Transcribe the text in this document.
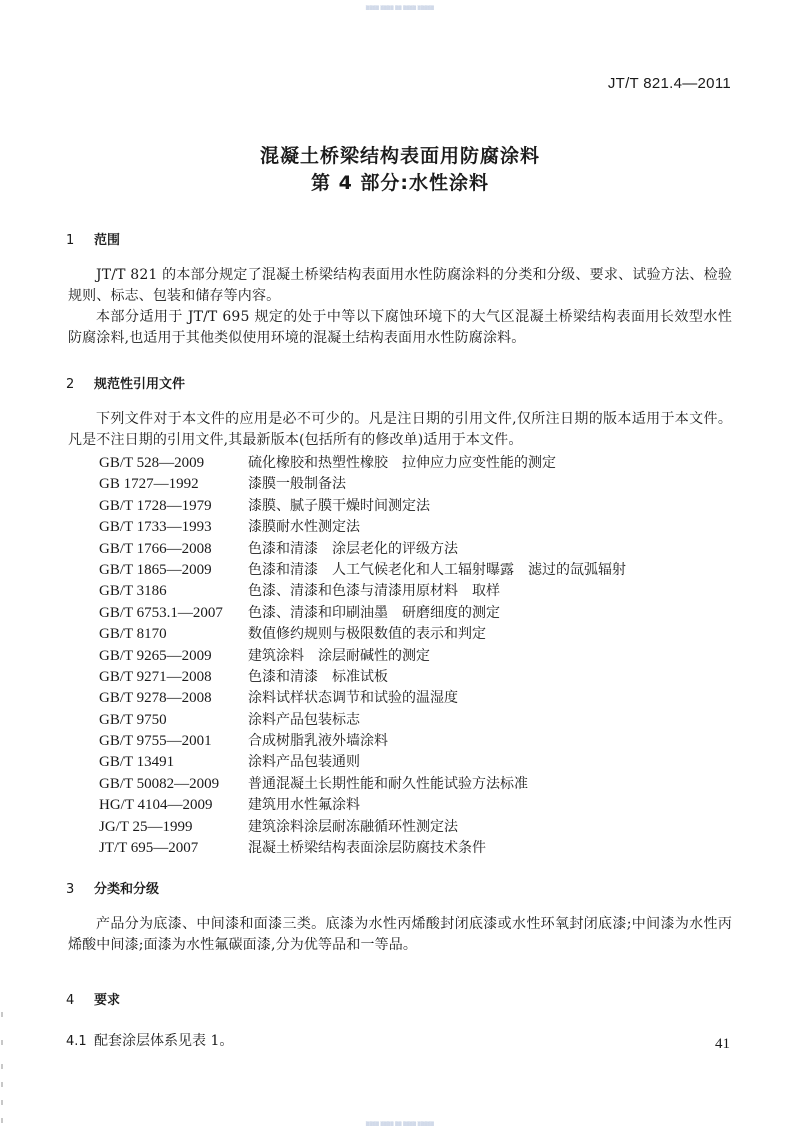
▒▒▒▒ ▒▒▒▒ ▒▒ ▒▒▒▒ ▒▒▒▒▒
JT/T 821.4—2011
混凝土桥梁结构表面用防腐涂料
第 4 部分:水性涂料
1 范围
JT/T 821 的本部分规定了混凝土桥梁结构表面用水性防腐涂料的分类和分级、要求、试验方法、检验规则、标志、包装和储存等内容。
本部分适用于 JT/T 695 规定的处于中等以下腐蚀环境下的大气区混凝土桥梁结构表面用长效型水性防腐涂料,也适用于其他类似使用环境的混凝土结构表面用水性防腐涂料。
2 规范性引用文件
下列文件对于本文件的应用是必不可少的。凡是注日期的引用文件,仅所注日期的版本适用于本文件。凡是不注日期的引用文件,其最新版本(包括所有的修改单)适用于本文件。
GB/T 528—2009	硫化橡胶和热塑性橡胶　拉伸应力应变性能的测定
GB 1727—1992	漆膜一般制备法
GB/T 1728—1979	漆膜、腻子膜干燥时间测定法
GB/T 1733—1993	漆膜耐水性测定法
GB/T 1766—2008	色漆和清漆　涂层老化的评级方法
GB/T 1865—2009	色漆和清漆　人工气候老化和人工辐射曝露　滤过的氙弧辐射
GB/T 3186	色漆、清漆和色漆与清漆用原材料　取样
GB/T 6753.1—2007 色漆、清漆和印刷油墨　研磨细度的测定
GB/T 8170	数值修约规则与极限数值的表示和判定
GB/T 9265—2009	建筑涂料　涂层耐碱性的测定
GB/T 9271—2008	色漆和清漆　标准试板
GB/T 9278—2008	涂料试样状态调节和试验的温湿度
GB/T 9750	涂料产品包装标志
GB/T 9755—2001	合成树脂乳液外墙涂料
GB/T 13491	涂料产品包装通则
GB/T 50082—2009 普通混凝土长期性能和耐久性能试验方法标准
HG/T 4104—2009	建筑用水性氟涂料
JG/T 25—1999	建筑涂料涂层耐冻融循环性测定法
JT/T 695—2007	混凝土桥梁结构表面涂层防腐技术条件
3 分类和分级
产品分为底漆、中间漆和面漆三类。底漆为水性丙烯酸封闭底漆或水性环氧封闭底漆;中间漆为水性丙烯酸中间漆;面漆为水性氟碳面漆,分为优等品和一等品。
4 要求
4.1 配套涂层体系见表 1。	41
▒▒▒▒ ▒▒▒▒ ▒▒ ▒▒▒▒ ▒▒▒▒▒
